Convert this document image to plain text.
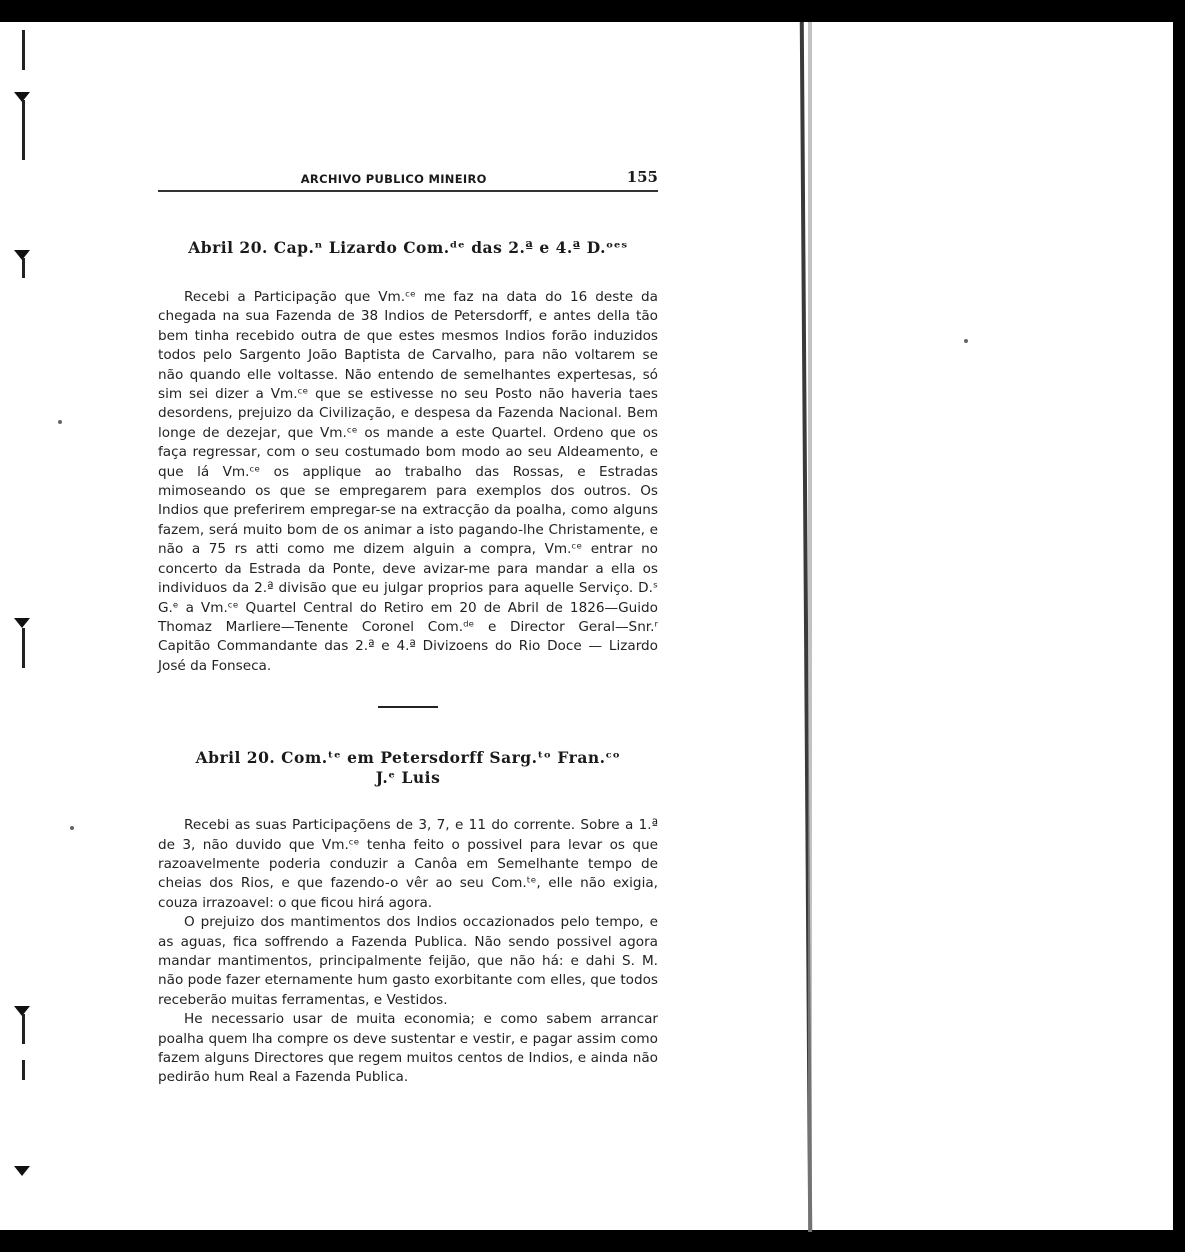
ARCHIVO PUBLICO MINEIRO	155
Abril 20. Cap.ⁿ Lizardo Com.ᵈᵉ das 2.ª e 4.ª D.ᵒᵉˢ

Recebi a Participação que Vm.ᶜᵉ me faz na data do 16 deste da chegada na sua Fazenda de 38 Indios de Petersdorff, e antes della tão bem tinha recebido outra de que estes mesmos Indios forão induzidos todos pelo Sargento João Baptista de Carvalho, para não voltarem se não quando elle voltasse. Não entendo de semelhantes expertesas, só sim sei dizer a Vm.ᶜᵉ que se estivesse no seu Posto não haveria taes desordens, prejuizo da Civilização, e despesa da Fazenda Nacional. Bem longe de dezejar, que Vm.ᶜᵉ os mande a este Quartel. Ordeno que os faça regressar, com o seu costumado bom modo ao seu Aldeamento, e que lá Vm.ᶜᵉ os applique ao trabalho das Rossas, e Estradas mimoseando os que se empregarem para exemplos dos outros. Os Indios que preferirem empregar-se na extracção da poalha, como alguns fazem, será muito bom de os animar a isto pagando-lhe Christamente, e não a 75 rs atti como me dizem alguin a compra, Vm.ᶜᵉ entrar no concerto da Estrada da Ponte, deve avizar-me para mandar a ella os individuos da 2.ª divisão que eu julgar proprios para aquelle Serviço. D.ˢ G.ᵉ a Vm.ᶜᵉ Quartel Central do Retiro em 20 de Abril de 1826—Guido Thomaz Marliere—Tenente Coronel Com.ᵈᵉ e Director Geral—Snr.ʳ Capitão Commandante das 2.ª e 4.ª Divizoens do Rio Doce — Lizardo José da Fonseca.

Abril 20. Com.ᵗᵉ em Petersdorff Sarg.ᵗᵒ Fran.ᶜᵒ
J.ᵉ Luis

Recebi as suas Participaçõens de 3, 7, e 11 do corrente. Sobre a 1.ª de 3, não duvido que Vm.ᶜᵉ tenha feito o possivel para levar os que razoavelmente poderia conduzir a Canôa em Semelhante tempo de cheias dos Rios, e que fazendo-o vêr ao seu Com.ᵗᵉ, elle não exigia, couza irrazoavel: o que ficou hirá agora.

O prejuizo dos mantimentos dos Indios occazionados pelo tempo, e as aguas, fica soffrendo a Fazenda Publica. Não sendo possivel agora mandar mantimentos, principalmente feijão, que não há: e dahi S. M. não pode fazer eternamente hum gasto exorbitante com elles, que todos receberão muitas ferramentas, e Vestidos.

He necessario usar de muita economia; e como sabem arrancar poalha quem lha compre os deve sustentar e vestir, e pagar assim como fazem alguns Directores que regem muitos centos de Indios, e ainda não pedirão hum Real a Fazenda Publica.
